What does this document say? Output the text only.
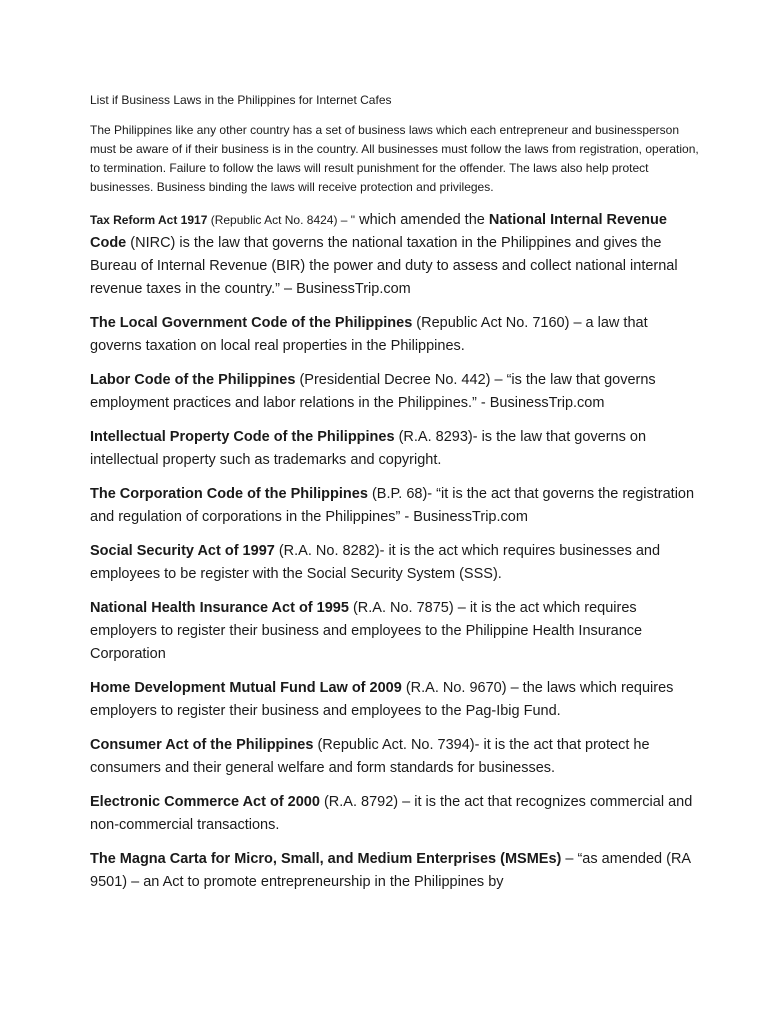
List if Business Laws in the Philippines for Internet Cafes

The Philippines like any other country has a set of business laws which each entrepreneur and businessperson must be aware of if their business is in the country. All businesses must follow the laws from registration, operation, to termination. Failure to follow the laws will result punishment for the offender. The laws also help protect businesses. Business binding the laws will receive protection and privileges.

Tax Reform Act 1917 (Republic Act No. 8424) – " which amended the National Internal Revenue Code (NIRC) is the law that governs the national taxation in the Philippines and gives the Bureau of Internal Revenue (BIR) the power and duty to assess and collect national internal revenue taxes in the country.” – BusinessTrip.com

The Local Government Code of the Philippines (Republic Act No. 7160) – a law that governs taxation on local real properties in the Philippines.

Labor Code of the Philippines (Presidential Decree No. 442) – “is the law that governs employment practices and labor relations in the Philippines.” - BusinessTrip.com

Intellectual Property Code of the Philippines (R.A. 8293)- is the law that governs on intellectual property such as trademarks and copyright.

The Corporation Code of the Philippines (B.P. 68)- “it is the act that governs the registration and regulation of corporations in the Philippines” - BusinessTrip.com

Social Security Act of 1997 (R.A. No. 8282)- it is the act which requires businesses and employees to be register with the Social Security System (SSS).

National Health Insurance Act of 1995 (R.A. No. 7875) – it is the act which requires employers to register their business and employees to the Philippine Health Insurance Corporation

Home Development Mutual Fund Law of 2009 (R.A. No. 9670) – the laws which requires employers to register their business and employees to the Pag-Ibig Fund.

Consumer Act of the Philippines (Republic Act. No. 7394)- it is the act that protect he consumers and their general welfare and form standards for businesses.

Electronic Commerce Act of 2000 (R.A. 8792) – it is the act that recognizes commercial and non-commercial transactions.

The Magna Carta for Micro, Small, and Medium Enterprises (MSMEs) – “as amended (RA 9501) – an Act to promote entrepreneurship in the Philippines by
